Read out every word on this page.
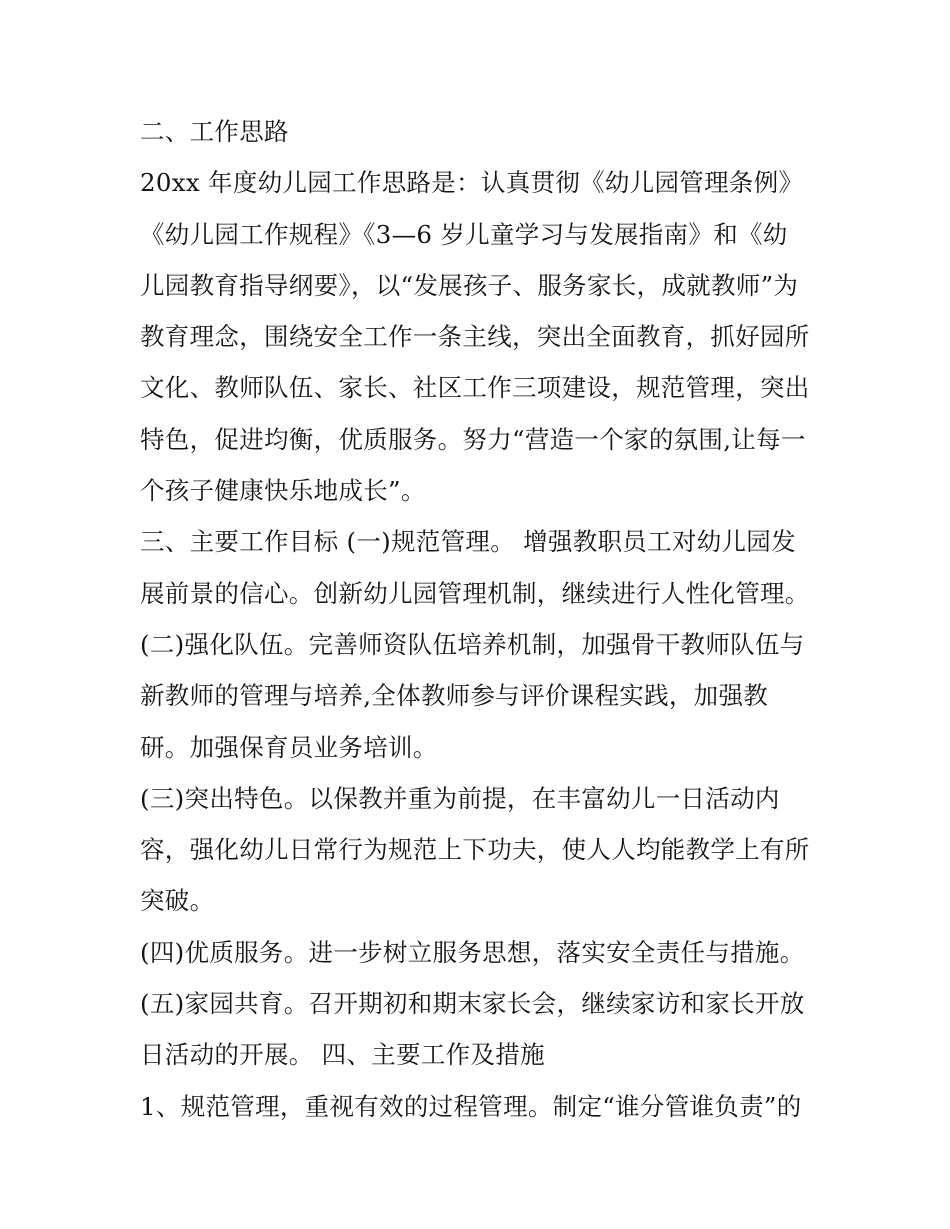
二、工作思路
20xx 年度幼儿园工作思路是：认真贯彻《幼儿园管理条例》
《幼儿园工作规程》《3—6 岁儿童学习与发展指南》和《幼
儿园教育指导纲要》，以“发展孩子、服务家长，成就教师”为
教育理念，围绕安全工作一条主线，突出全面教育，抓好园所
文化、教师队伍、家长、社区工作三项建设，规范管理，突出
特色，促进均衡，优质服务。努力“营造一个家的氛围,让每一
个孩子健康快乐地成长”。
三、主要工作目标 (一)规范管理。 增强教职员工对幼儿园发
展前景的信心。创新幼儿园管理机制，继续进行人性化管理。
(二)强化队伍。完善师资队伍培养机制，加强骨干教师队伍与
新教师的管理与培养,全体教师参与评价课程实践，加强教
研。加强保育员业务培训。
(三)突出特色。以保教并重为前提，在丰富幼儿一日活动内
容，强化幼儿日常行为规范上下功夫，使人人均能教学上有所
突破。
(四)优质服务。进一步树立服务思想，落实安全责任与措施。
(五)家园共育。召开期初和期末家长会，继续家访和家长开放
日活动的开展。 四、主要工作及措施
1、规范管理，重视有效的过程管理。制定“谁分管谁负责”的
